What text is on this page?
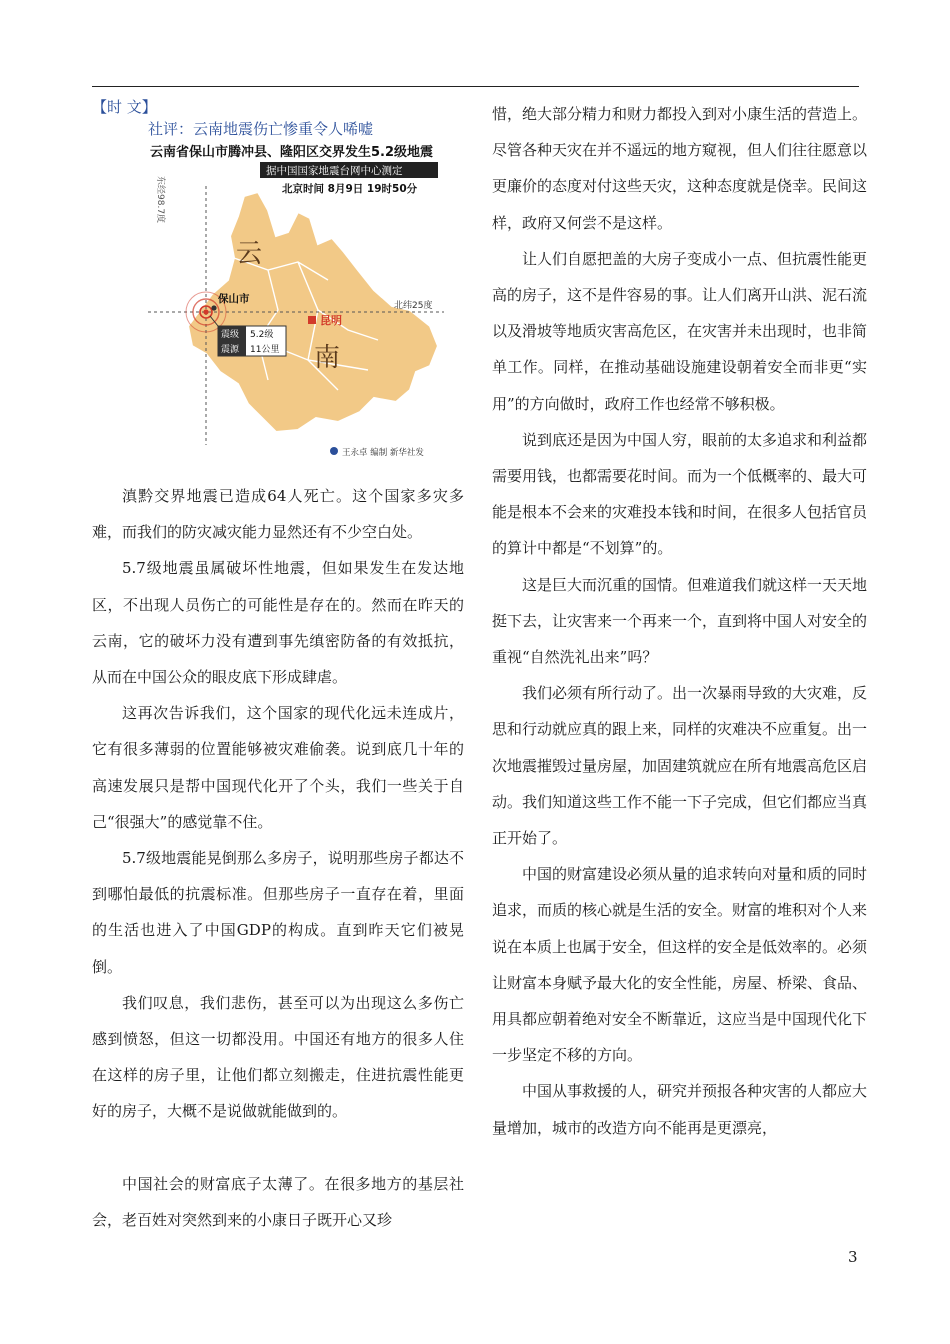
【时 文】
社评：云南地震伤亡惨重令人唏嘘
云南省保山市腾冲县、隆阳区交界发生5.2级地震
据中国国家地震台网中心测定
北京时间 8月9日 19时50分
东经98.7度
北纬25度
云
南
保山市
昆明
震级 5.2级
震源 11公里
王永卓 编制 新华社发

滇黔交界地震已造成64人死亡。这个国家多灾多难，而我们的防灾减灾能力显然还有不少空白处。

5.7级地震虽属破坏性地震，但如果发生在发达地区，不出现人员伤亡的可能性是存在的。然而在昨天的云南，它的破坏力没有遭到事先缜密防备的有效抵抗，从而在中国公众的眼皮底下形成肆虐。

这再次告诉我们，这个国家的现代化远未连成片，它有很多薄弱的位置能够被灾难偷袭。说到底几十年的高速发展只是帮中国现代化开了个头，我们一些关于自己“很强大”的感觉靠不住。

5.7级地震能晃倒那么多房子，说明那些房子都达不到哪怕最低的抗震标准。但那些房子一直存在着，里面的生活也进入了中国GDP的构成。直到昨天它们被晃倒。

我们叹息，我们悲伤，甚至可以为出现这么多伤亡感到愤怒，但这一切都没用。中国还有地方的很多人住在这样的房子里，让他们都立刻搬走，住进抗震性能更好的房子，大概不是说做就能做到的。

中国社会的财富底子太薄了。在很多地方的基层社会，老百姓对突然到来的小康日子既开心又珍

惜，绝大部分精力和财力都投入到对小康生活的营造上。尽管各种天灾在并不遥远的地方窥视，但人们往往愿意以更廉价的态度对付这些天灾，这种态度就是侥幸。民间这样，政府又何尝不是这样。

让人们自愿把盖的大房子变成小一点、但抗震性能更高的房子，这不是件容易的事。让人们离开山洪、泥石流以及滑坡等地质灾害高危区，在灾害并未出现时，也非简单工作。同样，在推动基础设施建设朝着安全而非更“实用”的方向做时，政府工作也经常不够积极。

说到底还是因为中国人穷，眼前的太多追求和利益都需要用钱，也都需要花时间。而为一个低概率的、最大可能是根本不会来的灾难投本钱和时间，在很多人包括官员的算计中都是“不划算”的。

这是巨大而沉重的国情。但难道我们就这样一天天地挺下去，让灾害来一个再来一个，直到将中国人对安全的重视“自然洗礼出来”吗？

我们必须有所行动了。出一次暴雨导致的大灾难，反思和行动就应真的跟上来，同样的灾难决不应重复。出一次地震摧毁过量房屋，加固建筑就应在所有地震高危区启动。我们知道这些工作不能一下子完成，但它们都应当真正开始了。

中国的财富建设必须从量的追求转向对量和质的同时追求，而质的核心就是生活的安全。财富的堆积对个人来说在本质上也属于安全，但这样的安全是低效率的。必须让财富本身赋予最大化的安全性能，房屋、桥梁、食品、用具都应朝着绝对安全不断靠近，这应当是中国现代化下一步坚定不移的方向。

中国从事救援的人，研究并预报各种灾害的人都应大量增加，城市的改造方向不能再是更漂亮，

3
